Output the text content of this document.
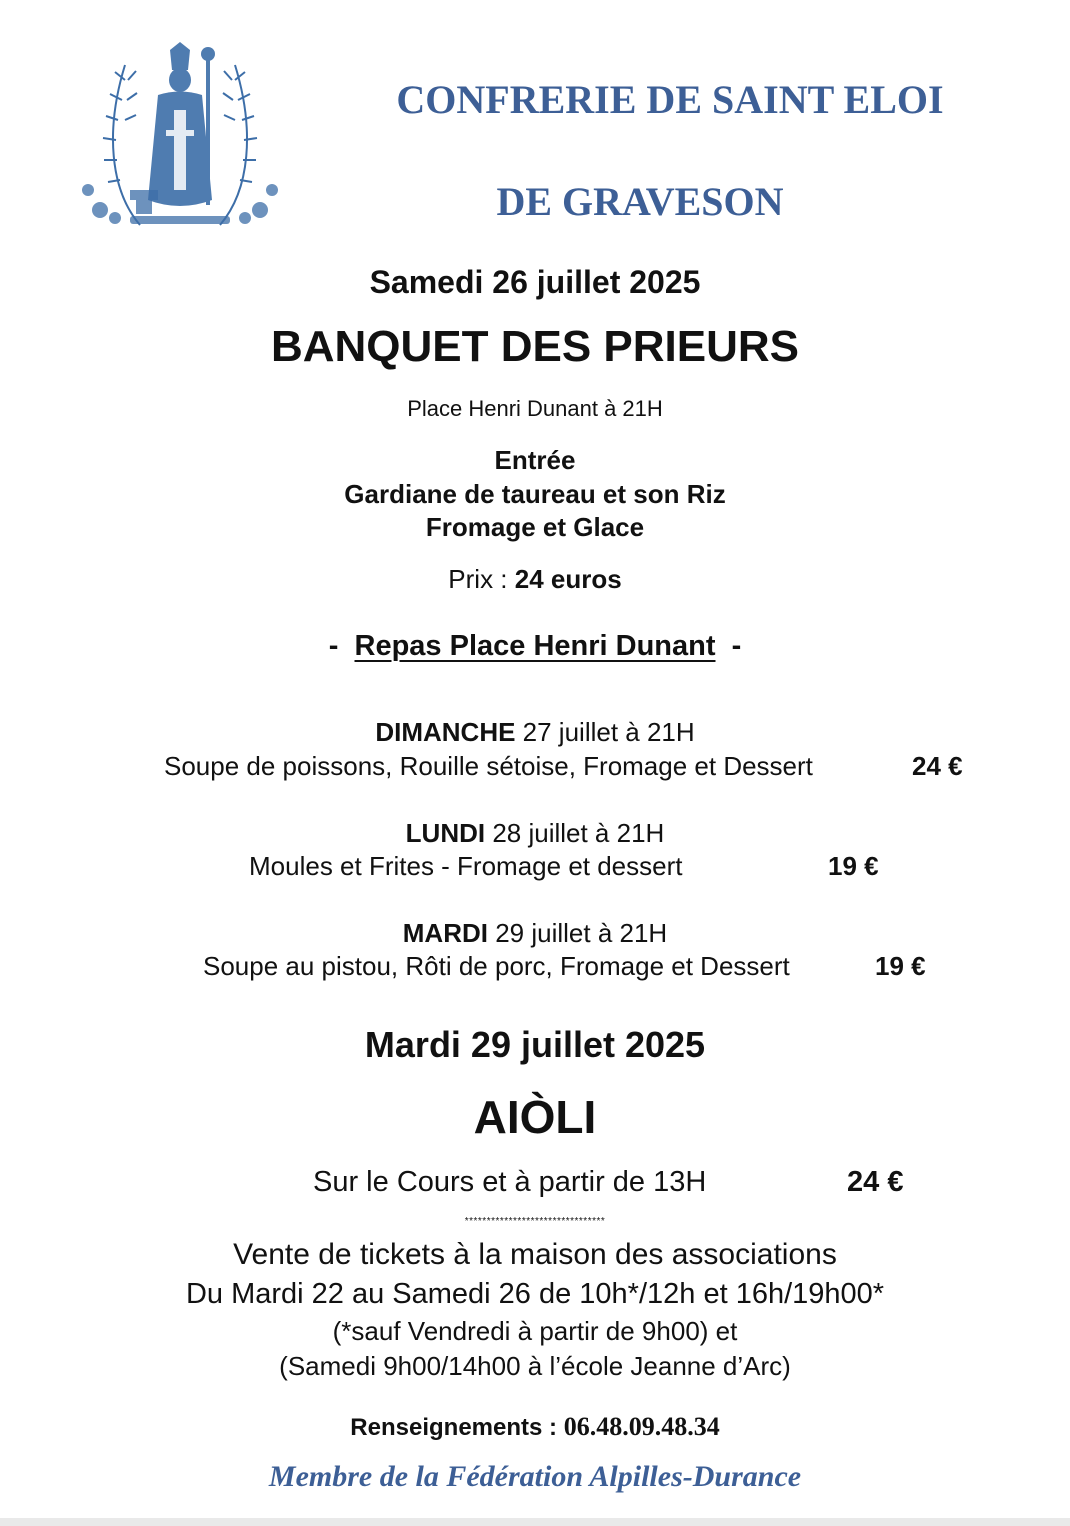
CONFRERIE DE SAINT ELOI
DE GRAVESON
Samedi 26 juillet 2025
BANQUET DES PRIEURS
Place Henri Dunant à 21H
Entrée
Gardiane de taureau et son Riz
Fromage et Glace
Prix : 24 euros
- Repas Place Henri Dunant -
DIMANCHE 27 juillet à 21H
Soupe de poissons, Rouille sétoise, Fromage et Dessert	24 €
LUNDI 28 juillet à 21H
Moules et Frites - Fromage et dessert	19 €
MARDI 29 juillet à 21H
Soupe au pistou, Rôti de porc, Fromage et Dessert	19 €
Mardi 29 juillet 2025
AIÒLI
Sur le Cours et à partir de 13H	24 €
********************************
Vente de tickets à la maison des associations
Du Mardi 22 au Samedi 26 de 10h*/12h et 16h/19h00*
(*sauf Vendredi à partir de 9h00) et
(Samedi 9h00/14h00 à l’école Jeanne d’Arc)
Renseignements : 06.48.09.48.34
Membre de la Fédération Alpilles-Durance
